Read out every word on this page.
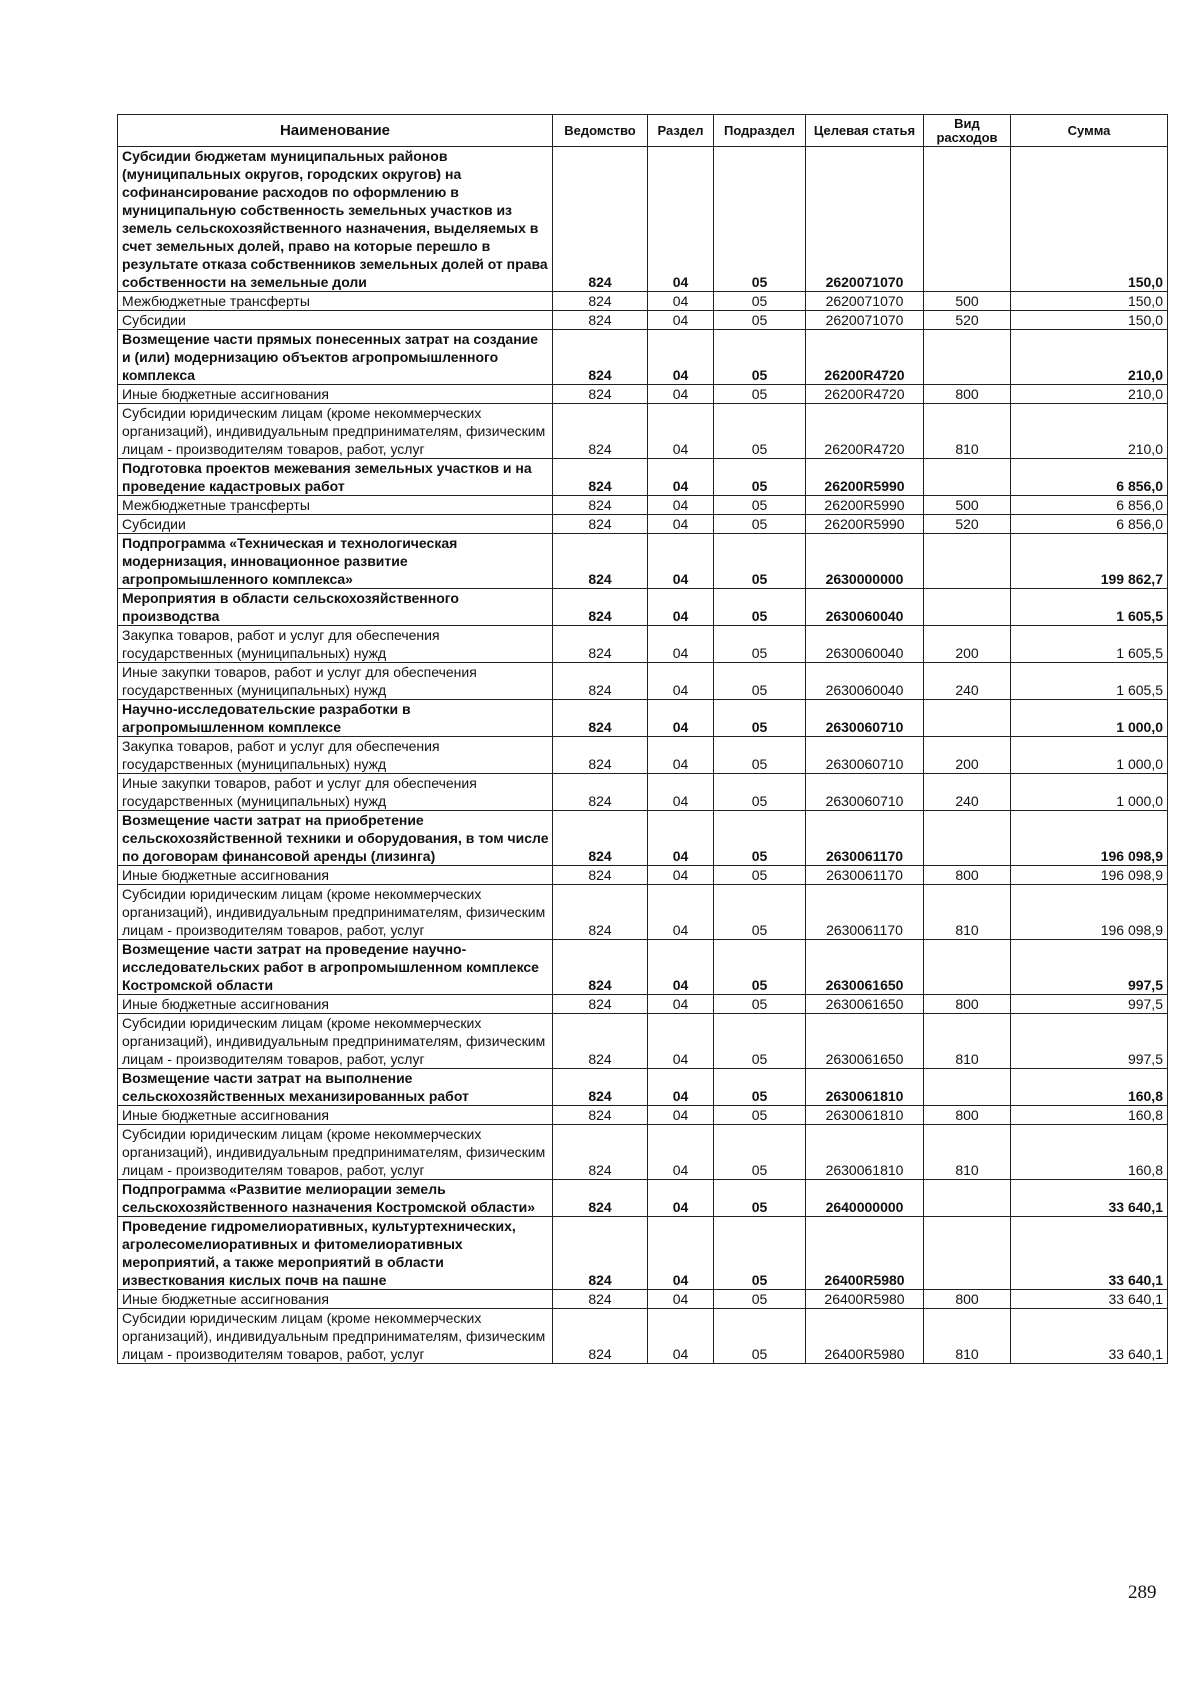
Наименование	Ведомство	Раздел	Подраздел	Целевая статья	Вид расходов	Сумма
Субсидии бюджетам муниципальных районов (муниципальных округов, городских округов) на софинансирование расходов по оформлению в муниципальную собственность земельных участков из земель сельскохозяйственного назначения, выделяемых в счет земельных долей, право на которые перешло в результате отказа собственников земельных долей от права собственности на земельные доли	824	04	05	2620071070		150,0
Межбюджетные трансферты	824	04	05	2620071070	500	150,0
Субсидии	824	04	05	2620071070	520	150,0
Возмещение части прямых понесенных затрат на создание и (или) модернизацию объектов агропромышленного комплекса	824	04	05	26200R4720		210,0
Иные бюджетные ассигнования	824	04	05	26200R4720	800	210,0
Субсидии юридическим лицам (кроме некоммерческих организаций), индивидуальным предпринимателям, физическим лицам - производителям товаров, работ, услуг	824	04	05	26200R4720	810	210,0
Подготовка проектов межевания земельных участков и на проведение кадастровых работ	824	04	05	26200R5990		6 856,0
Межбюджетные трансферты	824	04	05	26200R5990	500	6 856,0
Субсидии	824	04	05	26200R5990	520	6 856,0
Подпрограмма «Техническая и технологическая модернизация, инновационное развитие агропромышленного комплекса»	824	04	05	2630000000		199 862,7
Мероприятия в области сельскохозяйственного производства	824	04	05	2630060040		1 605,5
Закупка товаров, работ и услуг для обеспечения государственных (муниципальных) нужд	824	04	05	2630060040	200	1 605,5
Иные закупки товаров, работ и услуг для обеспечения государственных (муниципальных) нужд	824	04	05	2630060040	240	1 605,5
Научно-исследовательские разработки в агропромышленном комплексе	824	04	05	2630060710		1 000,0
Закупка товаров, работ и услуг для обеспечения государственных (муниципальных) нужд	824	04	05	2630060710	200	1 000,0
Иные закупки товаров, работ и услуг для обеспечения государственных (муниципальных) нужд	824	04	05	2630060710	240	1 000,0
Возмещение части затрат на приобретение сельскохозяйственной техники и оборудования, в том числе по договорам финансовой аренды (лизинга)	824	04	05	2630061170		196 098,9
Иные бюджетные ассигнования	824	04	05	2630061170	800	196 098,9
Субсидии юридическим лицам (кроме некоммерческих организаций), индивидуальным предпринимателям, физическим лицам - производителям товаров, работ, услуг	824	04	05	2630061170	810	196 098,9
Возмещение части затрат на проведение научно-исследовательских работ в агропромышленном комплексе Костромской области	824	04	05	2630061650		997,5
Иные бюджетные ассигнования	824	04	05	2630061650	800	997,5
Субсидии юридическим лицам (кроме некоммерческих организаций), индивидуальным предпринимателям, физическим лицам - производителям товаров, работ, услуг	824	04	05	2630061650	810	997,5
Возмещение части затрат на выполнение сельскохозяйственных механизированных работ	824	04	05	2630061810		160,8
Иные бюджетные ассигнования	824	04	05	2630061810	800	160,8
Субсидии юридическим лицам (кроме некоммерческих организаций), индивидуальным предпринимателям, физическим лицам - производителям товаров, работ, услуг	824	04	05	2630061810	810	160,8
Подпрограмма «Развитие мелиорации земель сельскохозяйственного назначения Костромской области»	824	04	05	2640000000		33 640,1
Проведение гидромелиоративных, культуртехнических, агролесомелиоративных и фитомелиоративных мероприятий, а также мероприятий в области известкования кислых почв на пашне	824	04	05	26400R5980		33 640,1
Иные бюджетные ассигнования	824	04	05	26400R5980	800	33 640,1
Субсидии юридическим лицам (кроме некоммерческих организаций), индивидуальным предпринимателям, физическим лицам - производителям товаров, работ, услуг	824	04	05	26400R5980	810	33 640,1
289
